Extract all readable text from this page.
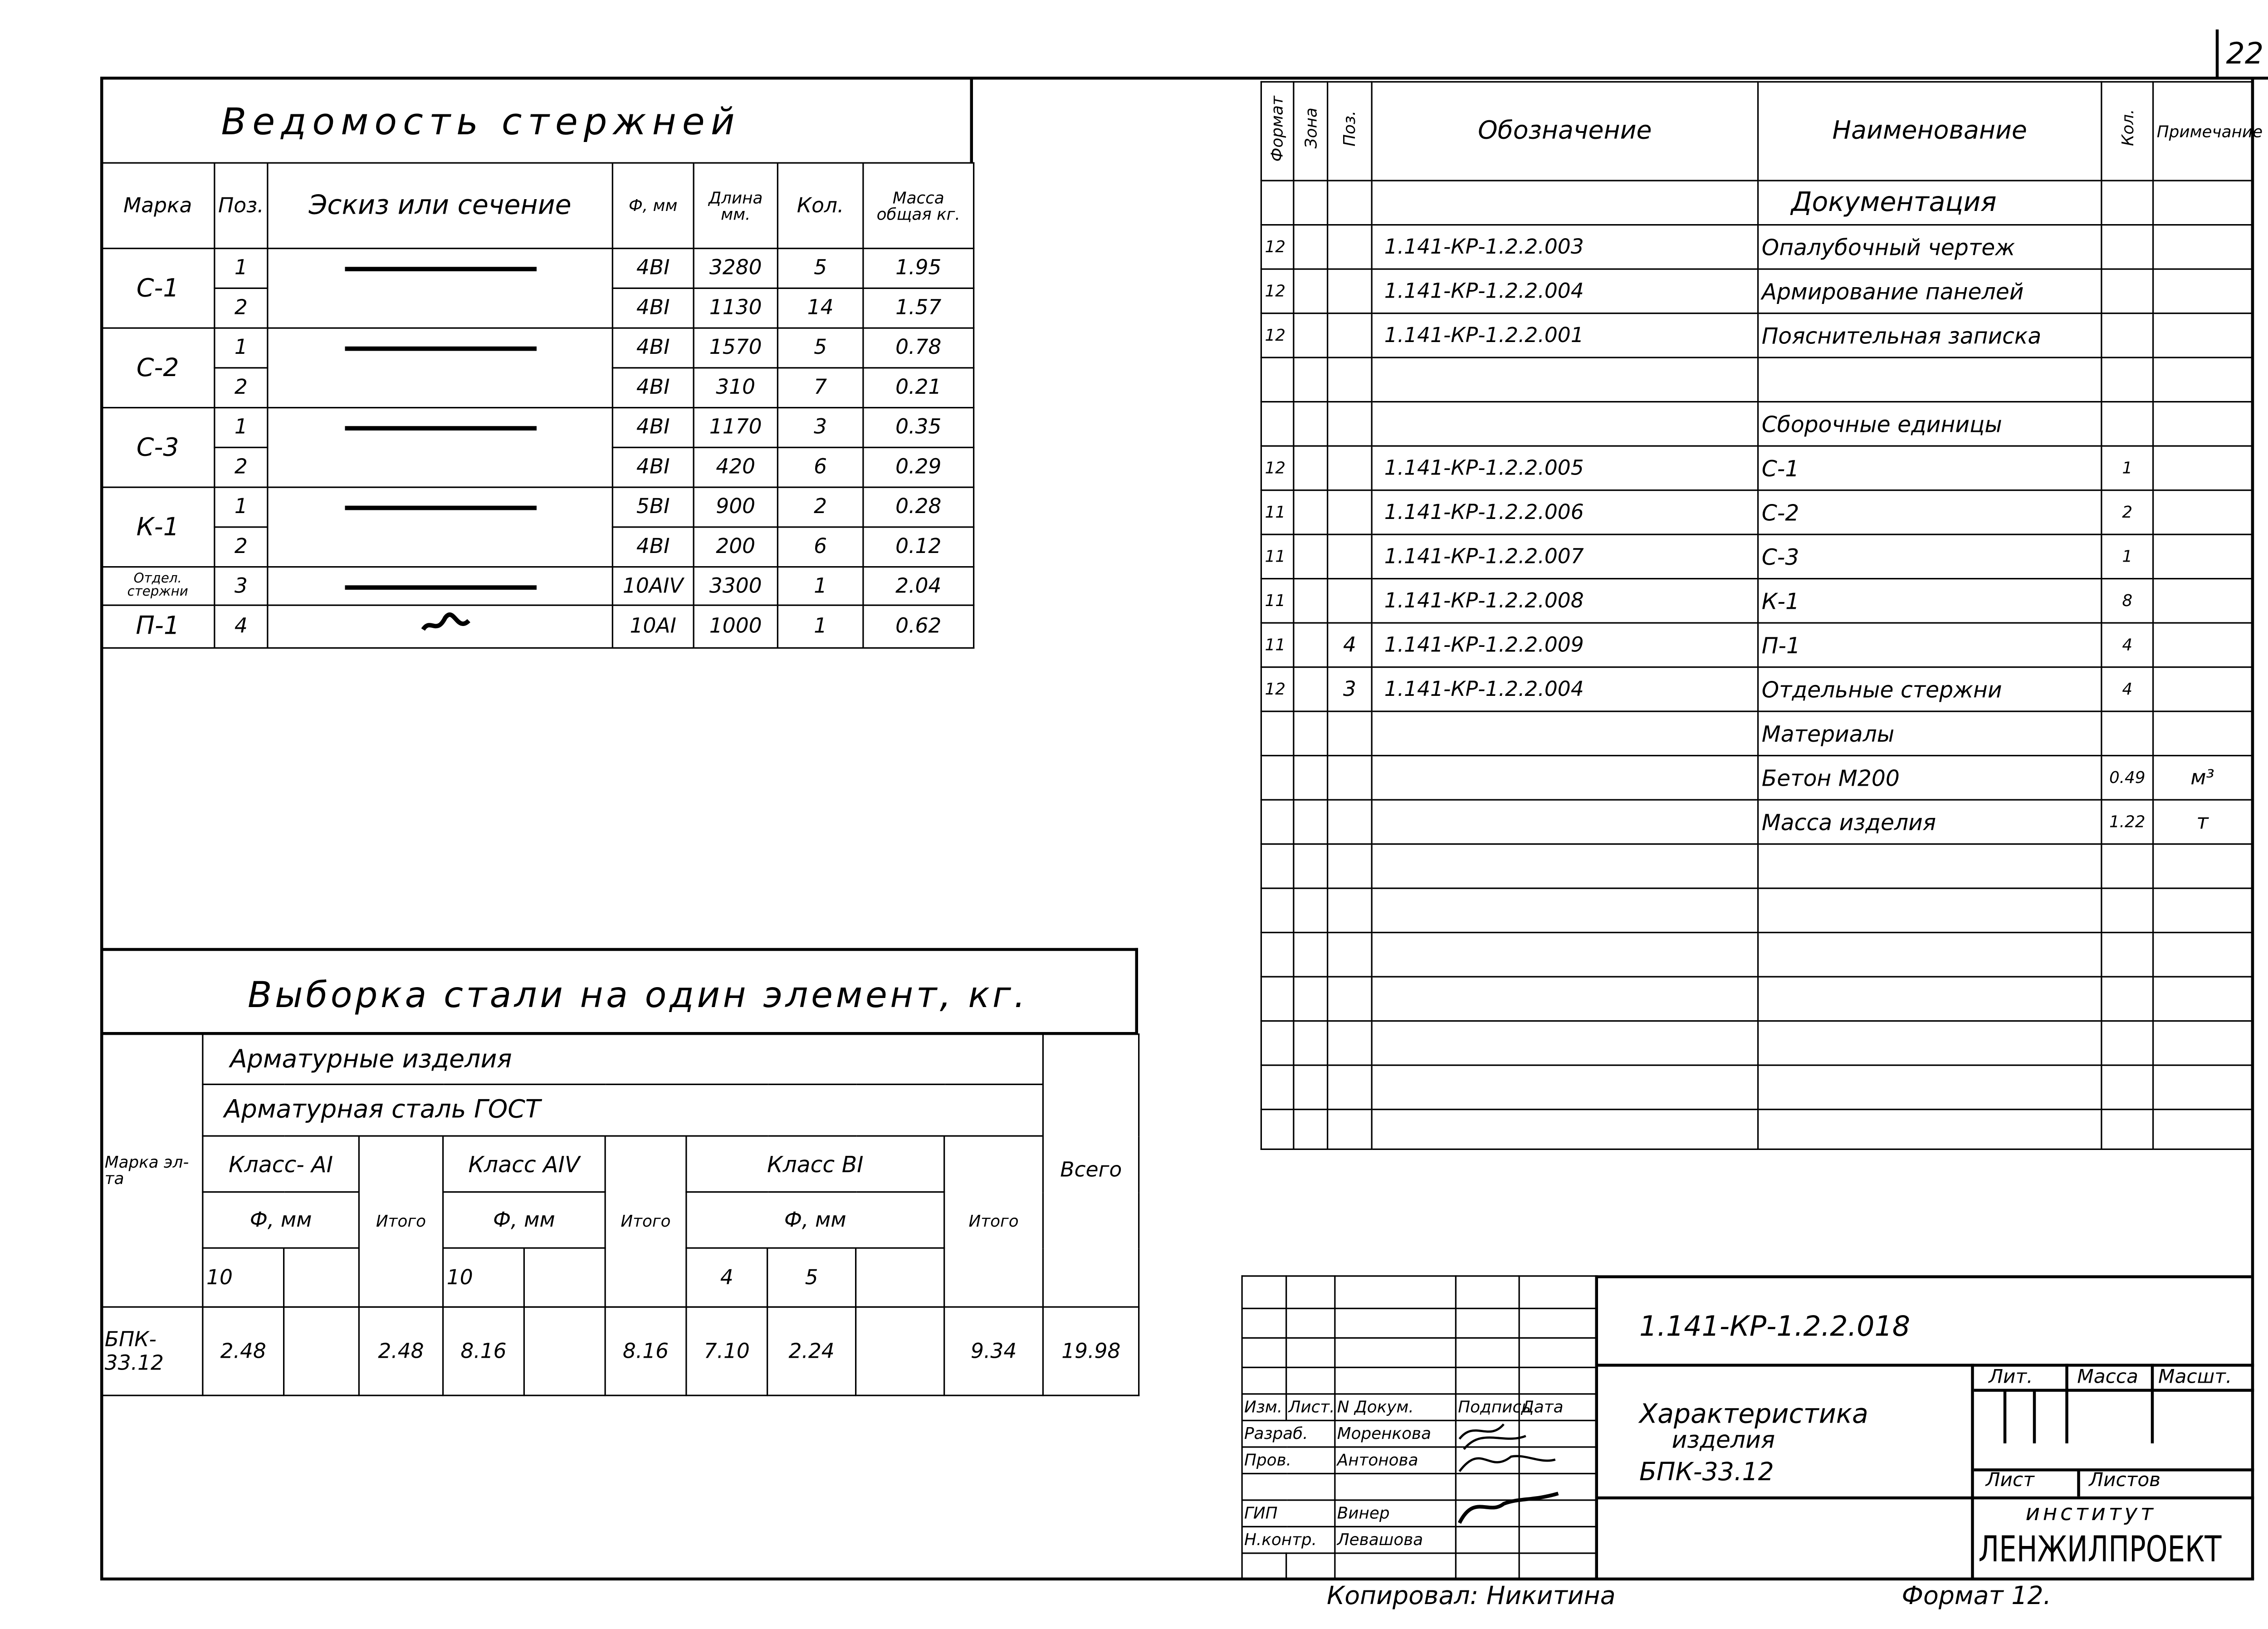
22
Ведомость стержней
Марка	Поз.	Эскиз или сечение	Ф, мм	Длина мм.	Кол.	Масса общая кг.
С-1	1		4ВI	3280	5	1.95
	2		4ВI	1130	14	1.57
С-2	1		4ВI	1570	5	0.78
	2		4ВI	310	7	0.21
С-3	1		4ВI	1170	3	0.35
	2		4ВI	420	6	0.29
К-1	1		5ВI	900	2	0.28
	2		4ВI	200	6	0.12
Отдел. стержни	3		10АIV	3300	1	2.04
П-1	4		10АI	1000	1	0.62
Выборка стали на один элемент, кг.
Марка эл-та	Арматурные изделия										Всего
	Арматурная сталь ГОСТ										
	Класс- АI		Итого	Класс АIV		Итого	Класс ВI			Итого	
	Ф, мм			Ф, мм			Ф, мм				
	10			10			4	5			

БПК- 33.12	2.48		2.48	8.16		8.16	7.10	2.24		9.34	19.98
Формат	Зона	Поз.	Обозначение	Наименование	Кол.	Примечание
				Документация		
12			1.141-КР-1.2.2.003	Опалубочный чертеж		
12			1.141-КР-1.2.2.004	Армирование панелей		
12			1.141-КР-1.2.2.001	Пояснительная записка		

				Сборочные единицы		
12			1.141-КР-1.2.2.005	С-1	1	
11			1.141-КР-1.2.2.006	С-2	2	
11			1.141-КР-1.2.2.007	С-3	1	
11			1.141-КР-1.2.2.008	К-1	8	
11		4	1.141-КР-1.2.2.009	П-1	4	
12		3	1.141-КР-1.2.2.004	Отдельные стержни	4	
				Материалы		
				Бетон М200	0.49	м³
				Масса изделия	1.22	т

Изм.	Лист.	N Докум.	Подпись	Дата
Разраб.		Моренкова		
Пров.		Антонова		

ГИП		Винер		
Н.контр.		Левашова		

1.141-КР-1.2.2.018
Характеристика
изделия
БПК-33.12
Лит.	Масса	Масшт.
Лист	Листов
институт
ЛЕНЖИЛПРОЕКТ
Копировал: Никитина	Формат 12.
